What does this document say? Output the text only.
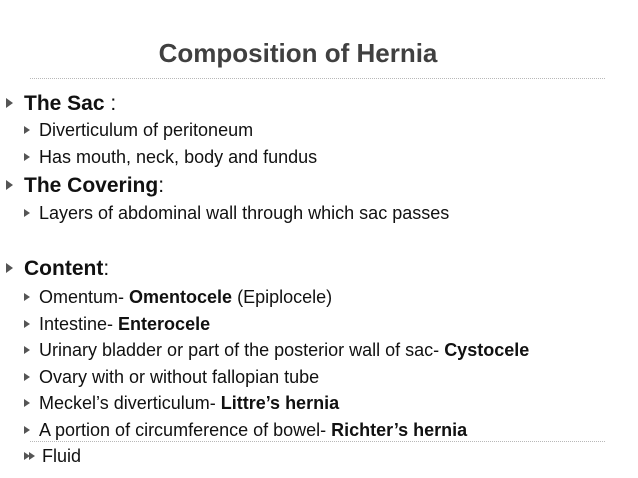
Composition of Hernia
The Sac :
Diverticulum of peritoneum
Has mouth, neck, body and fundus
The Covering:
Layers of abdominal wall through which sac passes
Content:
Omentum- Omentocele (Epiplocele)
Intestine- Enterocele
Urinary bladder or part of the posterior wall of sac- Cystocele
Ovary with or without fallopian tube
Meckel’s diverticulum- Littre’s hernia
A portion of circumference of bowel- Richter’s hernia
Fluid
